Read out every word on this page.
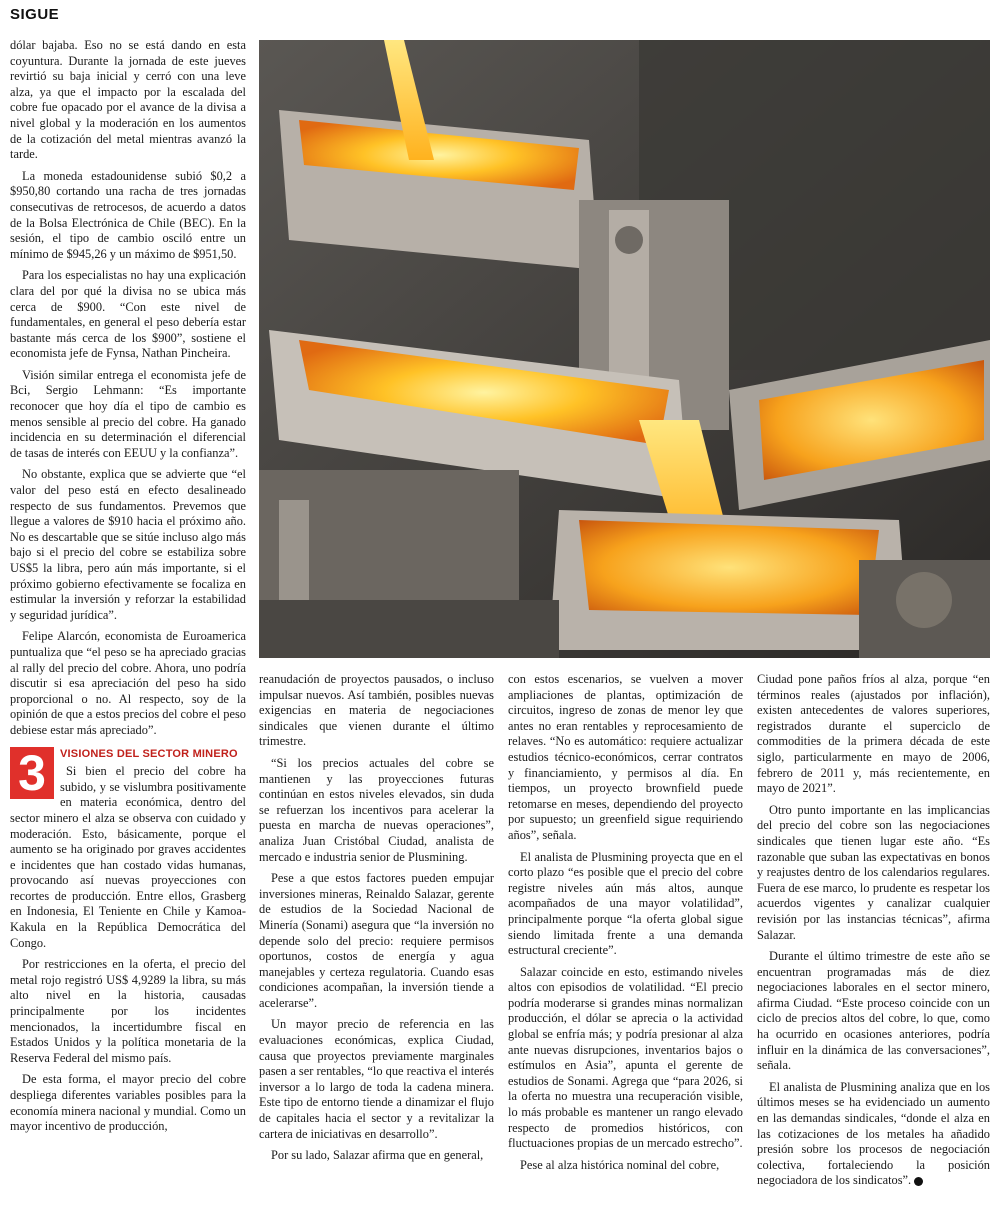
SIGUE

dólar bajaba. Eso no se está dando en esta coyuntura. Durante la jornada de este jueves revirtió su baja inicial y cerró con una leve alza, ya que el impacto por la escalada del cobre fue opacado por el avance de la divisa a nivel global y la moderación en los aumentos de la cotización del metal mientras avanzó la tarde.

La moneda estadounidense subió $0,2 a $950,80 cortando una racha de tres jornadas consecutivas de retrocesos, de acuerdo a datos de la Bolsa Electrónica de Chile (BEC). En la sesión, el tipo de cambio osciló entre un mínimo de $945,26 y un máximo de $951,50.

Para los especialistas no hay una explicación clara del por qué la divisa no se ubica más cerca de $900. “Con este nivel de fundamentales, en general el peso debería estar bastante más cerca de los $900”, sostiene el economista jefe de Fynsa, Nathan Pincheira.

Visión similar entrega el economista jefe de Bci, Sergio Lehmann: “Es importante reconocer que hoy día el tipo de cambio es menos sensible al precio del cobre. Ha ganado incidencia en su determinación el diferencial de tasas de interés con EEUU y la confianza”.

No obstante, explica que se advierte que “el valor del peso está en efecto desalineado respecto de sus fundamentos. Prevemos que llegue a valores de $910 hacia el próximo año. No es descartable que se sitúe incluso algo más bajo si el precio del cobre se estabiliza sobre US$5 la libra, pero aún más importante, si el próximo gobierno efectivamente se focaliza en estimular la inversión y reforzar la estabilidad y seguridad jurídica”.

Felipe Alarcón, economista de Euroamerica puntualiza que “el peso se ha apreciado gracias al rally del precio del cobre. Ahora, uno podría discutir si esa apreciación del peso ha sido proporcional o no. Al respecto, soy de la opinión de que a estos precios del cobre el peso debiese estar más apreciado”.

3	VISIONES DEL SECTOR MINERO

Si bien el precio del cobre ha subido, y se vislumbra positivamente en materia económica, dentro del sector minero el alza se observa con cuidado y moderación. Esto, básicamente, porque el aumento se ha originado por graves accidentes e incidentes que han costado vidas humanas, provocando así nuevas proyecciones con recortes de producción. Entre ellos, Grasberg en Indonesia, El Teniente en Chile y Kamoa-Kakula en la República Democrática del Congo.

Por restricciones en la oferta, el precio del metal rojo registró US$ 4,9289 la libra, su más alto nivel en la historia, causadas principalmente por los incidentes mencionados, la incertidumbre fiscal en Estados Unidos y la política monetaria de la Reserva Federal del mismo país.

De esta forma, el mayor precio del cobre despliega diferentes variables posibles para la economía minera nacional y mundial. Como un mayor incentivo de producción,

reanudación de proyectos pausados, o incluso impulsar nuevos. Así también, posibles nuevas exigencias en materia de negociaciones sindicales que vienen durante el último trimestre.

“Si los precios actuales del cobre se mantienen y las proyecciones futuras continúan en estos niveles elevados, sin duda se refuerzan los incentivos para acelerar la puesta en marcha de nuevas operaciones”, analiza Juan Cristóbal Ciudad, analista de mercado e industria senior de Plusmining.

Pese a que estos factores pueden empujar inversiones mineras, Reinaldo Salazar, gerente de estudios de la Sociedad Nacional de Minería (Sonami) asegura que “la inversión no depende solo del precio: requiere permisos oportunos, costos de energía y agua manejables y certeza regulatoria. Cuando esas condiciones acompañan, la inversión tiende a acelerarse”.

Un mayor precio de referencia en las evaluaciones económicas, explica Ciudad, causa que proyectos previamente marginales pasen a ser rentables, “lo que reactiva el interés inversor a lo largo de toda la cadena minera. Este tipo de entorno tiende a dinamizar el flujo de capitales hacia el sector y a revitalizar la cartera de iniciativas en desarrollo”.

Por su lado, Salazar afirma que en general,

con estos escenarios, se vuelven a mover ampliaciones de plantas, optimización de circuitos, ingreso de zonas de menor ley que antes no eran rentables y reprocesamiento de relaves. “No es automático: requiere actualizar estudios técnico-económicos, cerrar contratos y financiamiento, y permisos al día. En tiempos, un proyecto brownfield puede retomarse en meses, dependiendo del proyecto por supuesto; un greenfield sigue requiriendo años”, señala.

El analista de Plusmining proyecta que en el corto plazo “es posible que el precio del cobre registre niveles aún más altos, aunque acompañados de una mayor volatilidad”, principalmente porque “la oferta global sigue siendo limitada frente a una demanda estructural creciente”.

Salazar coincide en esto, estimando niveles altos con episodios de volatilidad. “El precio podría moderarse si grandes minas normalizan producción, el dólar se aprecia o la actividad global se enfría más; y podría presionar al alza ante nuevas disrupciones, inventarios bajos o estímulos en Asia”, apunta el gerente de estudios de Sonami. Agrega que “para 2026, si la oferta no muestra una recuperación visible, lo más probable es mantener un rango elevado respecto de promedios históricos, con fluctuaciones propias de un mercado estrecho”.

Pese al alza histórica nominal del cobre,

Ciudad pone paños fríos al alza, porque “en términos reales (ajustados por inflación), existen antecedentes de valores superiores, registrados durante el superciclo de commodities de la primera década de este siglo, particularmente en mayo de 2006, febrero de 2011 y, más recientemente, en mayo de 2021”.

Otro punto importante en las implicancias del precio del cobre son las negociaciones sindicales que tienen lugar este año. “Es razonable que suban las expectativas en bonos y reajustes dentro de los calendarios regulares. Fuera de ese marco, lo prudente es respetar los acuerdos vigentes y canalizar cualquier revisión por las instancias técnicas”, afirma Salazar.

Durante el último trimestre de este año se encuentran programadas más de diez negociaciones laborales en el sector minero, afirma Ciudad. “Este proceso coincide con un ciclo de precios altos del cobre, lo que, como ha ocurrido en ocasiones anteriores, podría influir en la dinámica de las conversaciones”, señala.

El analista de Plusmining analiza que en los últimos meses se ha evidenciado un aumento en las demandas sindicales, “donde el alza en las cotizaciones de los metales ha añadido presión sobre los procesos de negociación colectiva, fortaleciendo la posición negociadora de los sindicatos”. P
